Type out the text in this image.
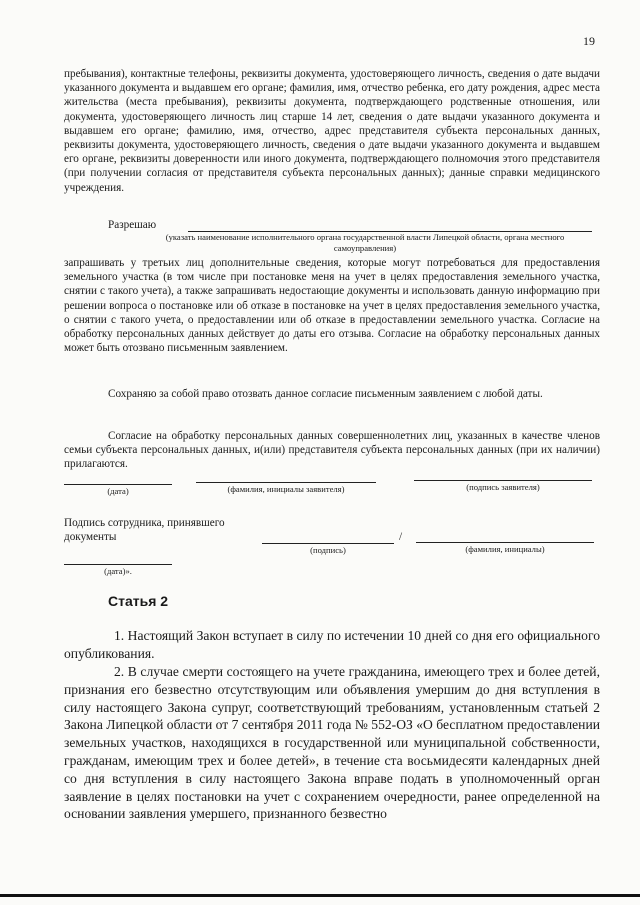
19

пребывания), контактные телефоны, реквизиты документа, удостоверяющего личность, сведения о дате выдачи указанного документа и выдавшем его органе; фамилия, имя, отчество ребенка, его дату рождения, адрес места жительства (места пребывания), реквизиты документа, подтверждающего родственные отношения, или документа, удостоверяющего личность лиц старше 14 лет, сведения о дате выдачи указанного документа и выдавшем его органе; фамилию, имя, отчество, адрес представителя субъекта персональных данных, реквизиты документа, удостоверяющего личность, сведения о дате выдачи указанного документа и выдавшем его органе, реквизиты доверенности или иного документа, подтверждающего полномочия этого представителя (при получении согласия от представителя субъекта персональных данных); данные справки медицинского учреждения.

Разрешаю
(указать наименование исполнительного органа государственной власти Липецкой области, органа местного самоуправления)

запрашивать у третьих лиц дополнительные сведения, которые могут потребоваться для предоставления земельного участка (в том числе при постановке меня на учет в целях предоставления земельного участка, снятии с такого учета), а также запрашивать недостающие документы и использовать данную информацию при решении вопроса о постановке или об отказе в постановке на учет в целях предоставления земельного участка, о снятии с такого учета, о предоставлении или об отказе в предоставлении земельного участка. Согласие на обработку персональных данных действует до даты его отзыва. Согласие на обработку персональных данных может быть отозвано письменным заявлением.

Сохраняю за собой право отозвать данное согласие письменным заявлением с любой даты.

Согласие на обработку персональных данных совершеннолетних лиц, указанных в качестве членов семьи субъекта персональных данных, и(или) представителя субъекта персональных данных (при их наличии) прилагаются.

(дата)	(фамилия, инициалы заявителя)	(подпись заявителя)
Подпись сотрудника, принявшего документы	/
(подпись)	(фамилия, инициалы)
(дата)».
Статья 2

1. Настоящий Закон вступает в силу по истечении 10 дней со дня его официального опубликования.

2. В случае смерти состоящего на учете гражданина, имеющего трех и более детей, признания его безвестно отсутствующим или объявления умершим до дня вступления в силу настоящего Закона супруг, соответствующий требованиям, установленным статьей 2 Закона Липецкой области от 7 сентября 2011 года № 552-ОЗ «О бесплатном предоставлении земельных участков, находящихся в государственной или муниципальной собственности, гражданам, имеющим трех и более детей», в течение ста восьмидесяти календарных дней со дня вступления в силу настоящего Закона вправе подать в уполномоченный орган заявление в целях постановки на учет с сохранением очередности, ранее определенной на основании заявления умершего, признанного безвестно
